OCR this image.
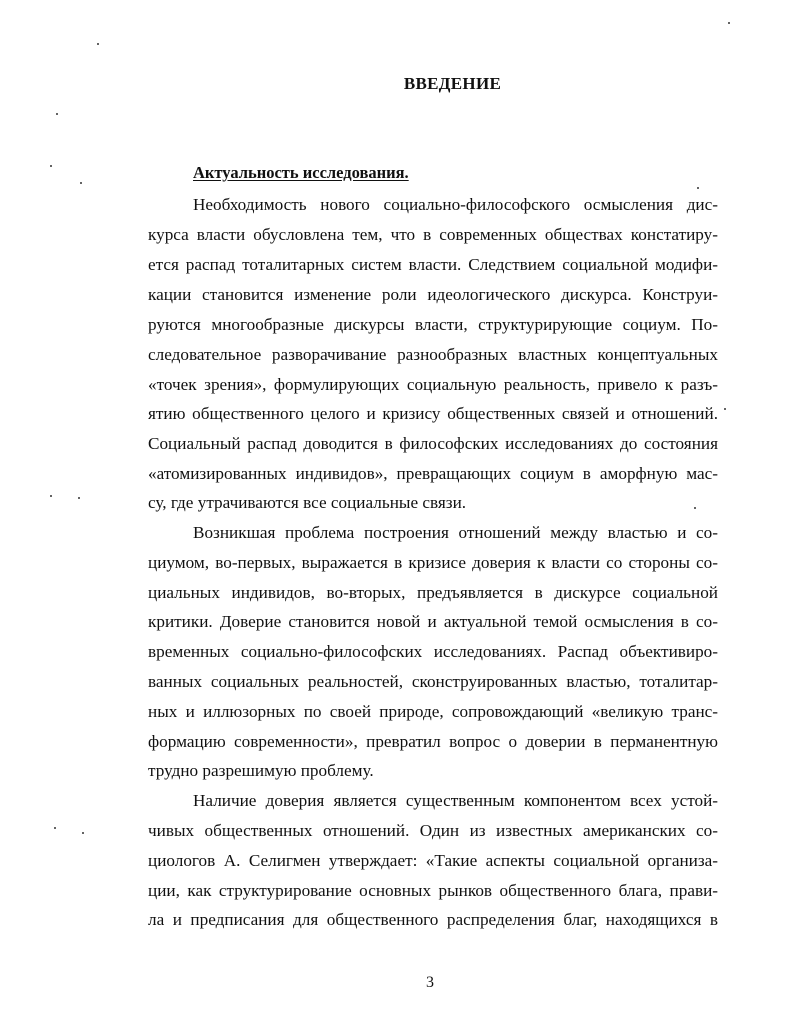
ВВЕДЕНИЕ
Актуальность исследования.
Необходимость нового социально-философского осмысления дис-
курса власти обусловлена тем, что в современных обществах констатиру-
ется распад тоталитарных систем власти. Следствием социальной модифи-
кации становится изменение роли идеологического дискурса. Конструи-
руются многообразные дискурсы власти, структурирующие социум. По-
следовательное разворачивание разнообразных властных концептуальных
«точек зрения», формулирующих социальную реальность, привело к разъ-
ятию общественного целого и кризису общественных связей и отношений.
Социальный распад доводится в философских исследованиях до состояния
«атомизированных индивидов», превращающих социум в аморфную мас-
су, где утрачиваются все социальные связи.
Возникшая проблема построения отношений между властью и со-
циумом, во-первых, выражается в кризисе доверия к власти со стороны со-
циальных индивидов, во-вторых, предъявляется в дискурсе социальной
критики. Доверие становится новой и актуальной темой осмысления в со-
временных социально-философских исследованиях. Распад объективиро-
ванных социальных реальностей, сконструированных властью, тоталитар-
ных и иллюзорных по своей природе, сопровождающий «великую транс-
формацию современности», превратил вопрос о доверии в перманентную
трудно разрешимую проблему.
Наличие доверия является существенным компонентом всех устой-
чивых общественных отношений. Один из известных американских со-
циологов А. Селигмен утверждает: «Такие аспекты социальной организа-
ции, как структурирование основных рынков общественного блага, прави-
ла и предписания для общественного распределения благ, находящихся в
3
